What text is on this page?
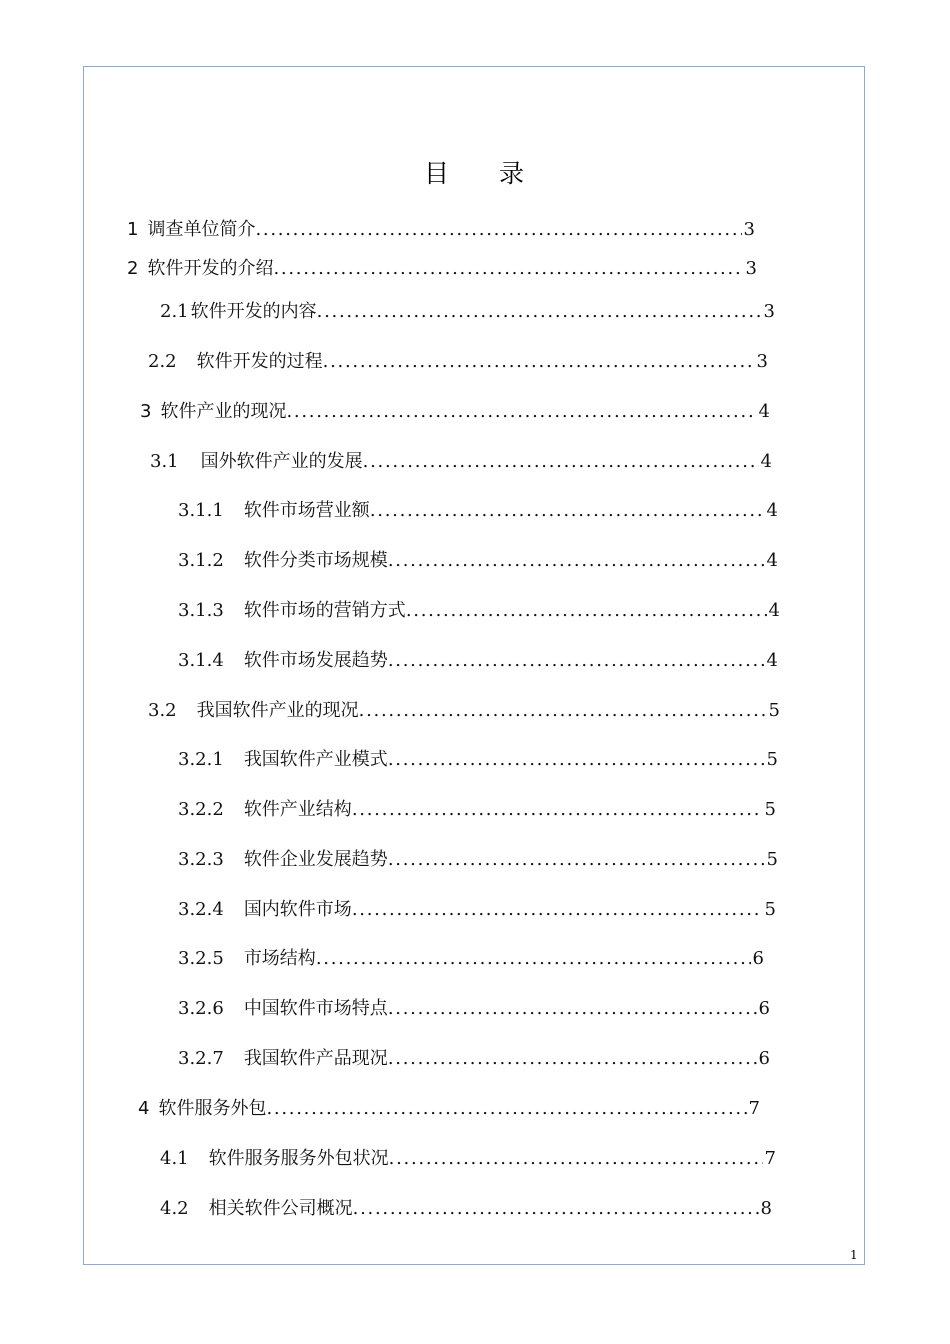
目 录
1 调查单位简介 . . .	3
2 软件开发的介绍 . . .	3
2.1 软件开发的内容 . . .	3
2.2 软件开发的过程 . . .	3
3 软件产业的现况 . . .	4
3.1 国外软件产业的发展 . . .	4
3.1.1 软件市场营业额 . . .	4
3.1.2 软件分类市场规模 . . .	4
3.1.3 软件市场的营销方式 . . .	4
3.1.4 软件市场发展趋势 . . .	4
3.2 我国软件产业的现况 . . .	5
3.2.1 我国软件产业模式 . . .	5
3.2.2 软件产业结构 . . .	5
3.2.3 软件企业发展趋势 . . .	5
3.2.4 国内软件市场 . . .	5
3.2.5 市场结构 . . .	6
3.2.6 中国软件市场特点 . . .	6
3.2.7 我国软件产品现况 . . .	6
4 软件服务外包 . . .	7
4.1 软件服务服务外包状况 . . .	7
4.2 相关软件公司概况 . . .	8
1
